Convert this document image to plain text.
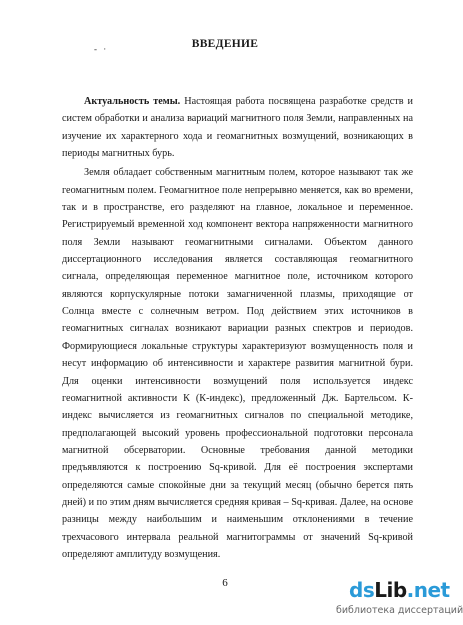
- ·	ВВЕДЕНИЕ

Актуальность темы. Настоящая работа посвящена разработке средств и систем обработки и анализа вариаций магнитного поля Земли, направленных на изучение их характерного хода и геомагнитных возмущений, возникающих в периоды магнитных бурь.

Земля обладает собственным магнитным полем, которое называют так же геомагнитным полем. Геомагнитное поле непрерывно меняется, как во времени, так и в пространстве, его разделяют на главное, локальное и переменное. Регистрируемый временной ход компонент вектора напряженности магнитного поля Земли называют геомагнитными сигналами. Объектом данного диссертационного исследования является составляющая геомагнитного сигнала, определяющая переменное магнитное поле, источником которого являются корпускулярные потоки замагниченной плазмы, приходящие от Солнца вместе с солнечным ветром. Под действием этих источников в геомагнитных сигналах возникают вариации разных спектров и периодов. Формирующиеся локальные структуры характеризуют возмущенность поля и несут информацию об интенсивности и характере развития магнитной бури. Для оценки интенсивности возмущений поля используется индекс геомагнитной активности К (К-индекс), предложенный Дж. Бартельсом. К-индекс вычисляется из геомагнитных сигналов по специальной методике, предполагающей высокий уровень профессиональной подготовки персонала магнитной обсерватории. Основные требования данной методики предъявляются к построению Sq-кривой. Для её построения экспертами определяются самые спокойные дни за текущий месяц (обычно берется пять дней) и по этим дням вычисляется средняя кривая – Sq-кривая. Далее, на основе разницы между наибольшим и наименьшим отклонениями в течение трехчасового интервала реальной магнитограммы от значений Sq-кривой определяют амплитуду возмущения.

6	dsLib.net
библиотека диссертаций
